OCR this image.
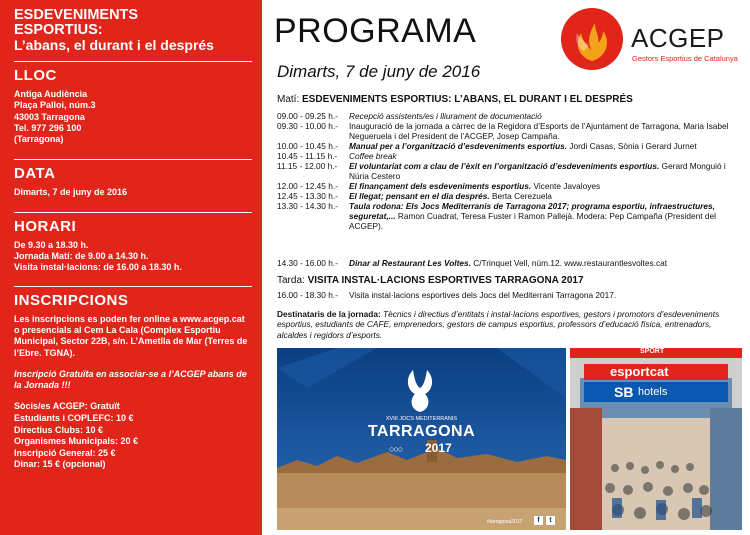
ESDEVENIMENTS
ESPORTIUS:
L’abans, el durant i el després
LLOC
Antiga Audiència
Plaça Palloi, núm.3
43003 Tarragona
Tel. 977 296 100
(Tarragona)
DATA
Dimarts, 7 de juny de 2016
HORARI
De 9.30 a 18.30 h.
Jornada Matí: de 9.00 a 14.30 h.
Visita instal·lacions: de 16.00 a 18.30 h.
INSCRIPCIONS
Les inscripcions es poden fer online a www.acgep.cat o presencials al Cem La Cala (Complex Esportiu Municipal, Sector 22B, s/n. L’Ametlla de Mar (Terres de l’Ebre. TGNA).
Inscripció Gratuïta en associar-se a l’ACGEP abans de la Jornada !!!
Sòcis/es ACGEP: Gratuït
Estudiants i COPLEFC: 10 €
Directius Clubs: 10 €
Organismes Municipals: 20 €
Inscripció General: 25 €
Dinar: 15 € (opcional)
PROGRAMA
Dimarts, 7 de juny de 2016
ACGEP
Gestors Esportius de Catalunya
Matí: ESDEVENIMENTS ESPORTIUS: L’ABANS, EL DURANT I EL DESPRÉS
09.00 - 09.25 h.-	Recepció assistents/es i lliurament de documentació
09.30 - 10.00 h.-	Inauguració de la jornada a càrrec de la Regidora d’Esports de l’Ajuntament de Tarragona, Maria Isabel Negueruela i del President de l’ACGEP, Josep Campaña.
10.00 - 10.45 h.-	Manual per a l’organització d’esdeveniments esportius. Jordi Casas, Sònia i Gerard Jurnet
10.45 - 11.15 h.-	Coffee break
11.15 - 12.00 h.-	El voluntariat com a clau de l’èxit en l’organització d’esdeveniments esportius. Gerard Monguió i Núria Cestero
12.00 - 12.45 h.-	El finançament dels esdeveniments esportius. Vicente Javaloyes
12.45 - 13.30 h.-	El llegat; pensant en el dia després. Berta Cerezuela
13.30 - 14.30 h.-	Taula rodona: Els Jocs Mediterranis de Tarragona 2017; programa esportiu, infraestructures, seguretat,... Ramon Cuadrat, Teresa Fuster i Ramon Pallejà. Modera: Pep Campaña (President del ACGEP).
14.30 - 16.00 h.-	Dinar al Restaurant Les Voltes. C/Trinquet Vell, núm.12. www.restaurantlesvoltes.cat
Tarda: VISITA INSTAL·LACIONS ESPORTIVES TARRAGONA 2017
16.00 - 18.30 h.-	Visita instal·lacions esportives dels Jocs del Mediterrani Tarragona 2017.
Destinataris de la jornada: Tècnics i directius d’entitats i instal·lacions esportives, gestors i promotors d’esdeveniments esportius, estudiants de CAFE, emprenedors, gestors de campus esportius, professors d’educació física, entrenadors, alcaldes i regidors d’esports.
XVIII JOCS MEDITERRANIS
TARRAGONA
2017
○○○
#tarragona2017	f	t
SPORT
esportcat
SB hotels
